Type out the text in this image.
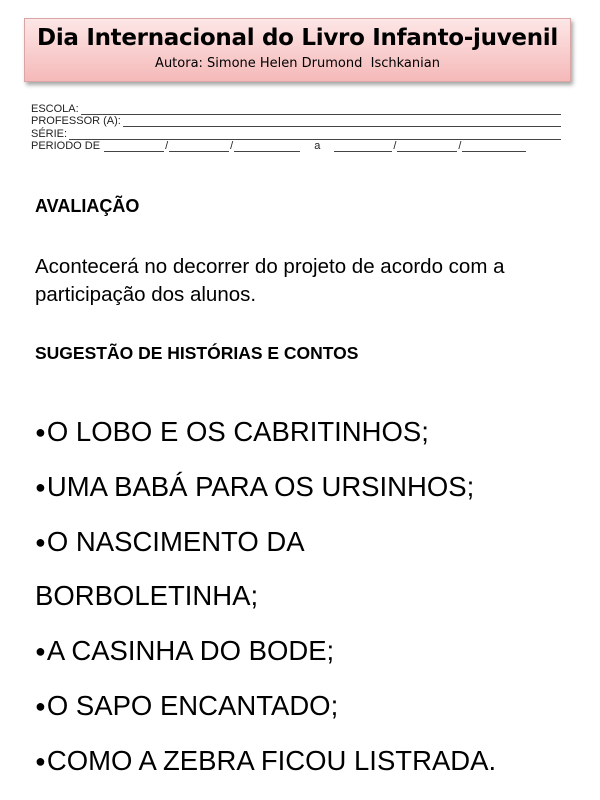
Dia Internacional do Livro Infanto-juvenil
Autora: Simone Helen Drumond  Ischkanian
ESCOLA:
PROFESSOR (A):
SÉRIE:
PERIODO DE	/	/	a	/	/
AVALIAÇÃO
Acontecerá no decorrer do projeto de acordo com a participação dos alunos.
SUGESTÃO DE HISTÓRIAS E CONTOS
●O LOBO E OS CABRITINHOS;
●UMA BABÁ PARA OS URSINHOS;
●O NASCIMENTO DA
BORBOLETINHA;
●A CASINHA DO BODE;
●O SAPO ENCANTADO;
●COMO A ZEBRA FICOU LISTRADA.
